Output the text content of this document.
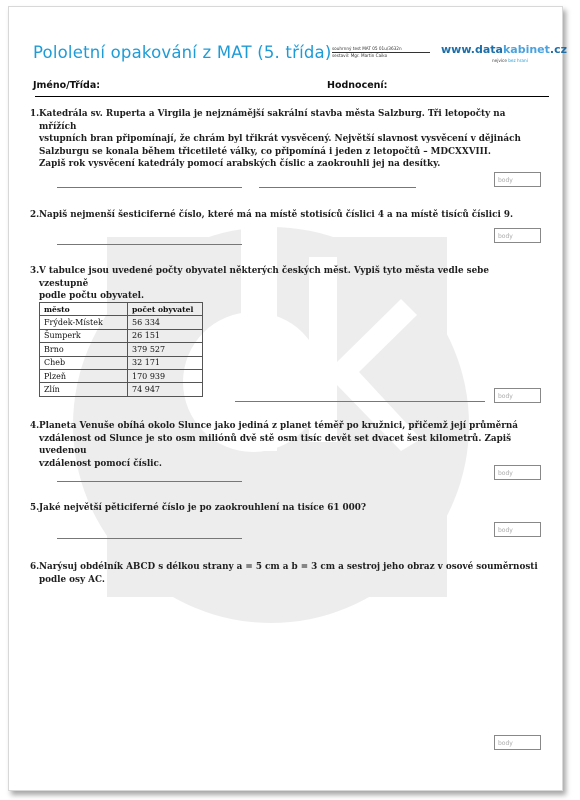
Pololetní opakování z MAT (5. třída) souhrnný test MAT 05 01u/3632n
sestavil: Mgr. Martin Caiko	www.datakabinet.cz
nejvíce bez hraní
Jméno/Třída:	Hodnocení:
1. Katedrála sv. Ruperta a Virgila je nejznámější sakrální stavba města Salzburg. Tři letopočty na mřížích
vstupních bran připomínají, že chrám byl třikrát vysvěcený. Největší slavnost vysvěcení v dějinách
Salzburgu se konala během třicetileté války, co připomíná i jeden z letopočtů – MDCXXVIII.
Zapiš rok vysvěcení katedrály pomocí arabských číslic a zaokrouhli jej na desítky.
body
2. Napiš nejmenší šesticiferné číslo, které má na místě stotisíců číslici 4 a na místě tisíců číslici 9.
body
3. V tabulce jsou uvedené počty obyvatel některých českých měst. Vypiš tyto města vedle sebe vzestupně
podle počtu obyvatel.
město	počet obyvatel
Frýdek-Místek	56 334
Šumperk	26 151
Brno	379 527
Cheb	32 171
Plzeň	170 939
Zlín	74 947
body
4. Planeta Venuše obíhá okolo Slunce jako jediná z planet téměř po kružnici, přičemž její průměrná
vzdálenost od Slunce je sto osm miliónů dvě stě osm tisíc devět set dvacet šest kilometrů. Zapiš uvedenou
vzdálenost pomocí číslic.
body
5. Jaké největší pěticiferné číslo je po zaokrouhlení na tisíce 61 000?
body
6. Narýsuj obdélník ABCD s délkou strany a = 5 cm a b = 3 cm a sestroj jeho obraz v osové souměrnosti
podle osy AC.
body
